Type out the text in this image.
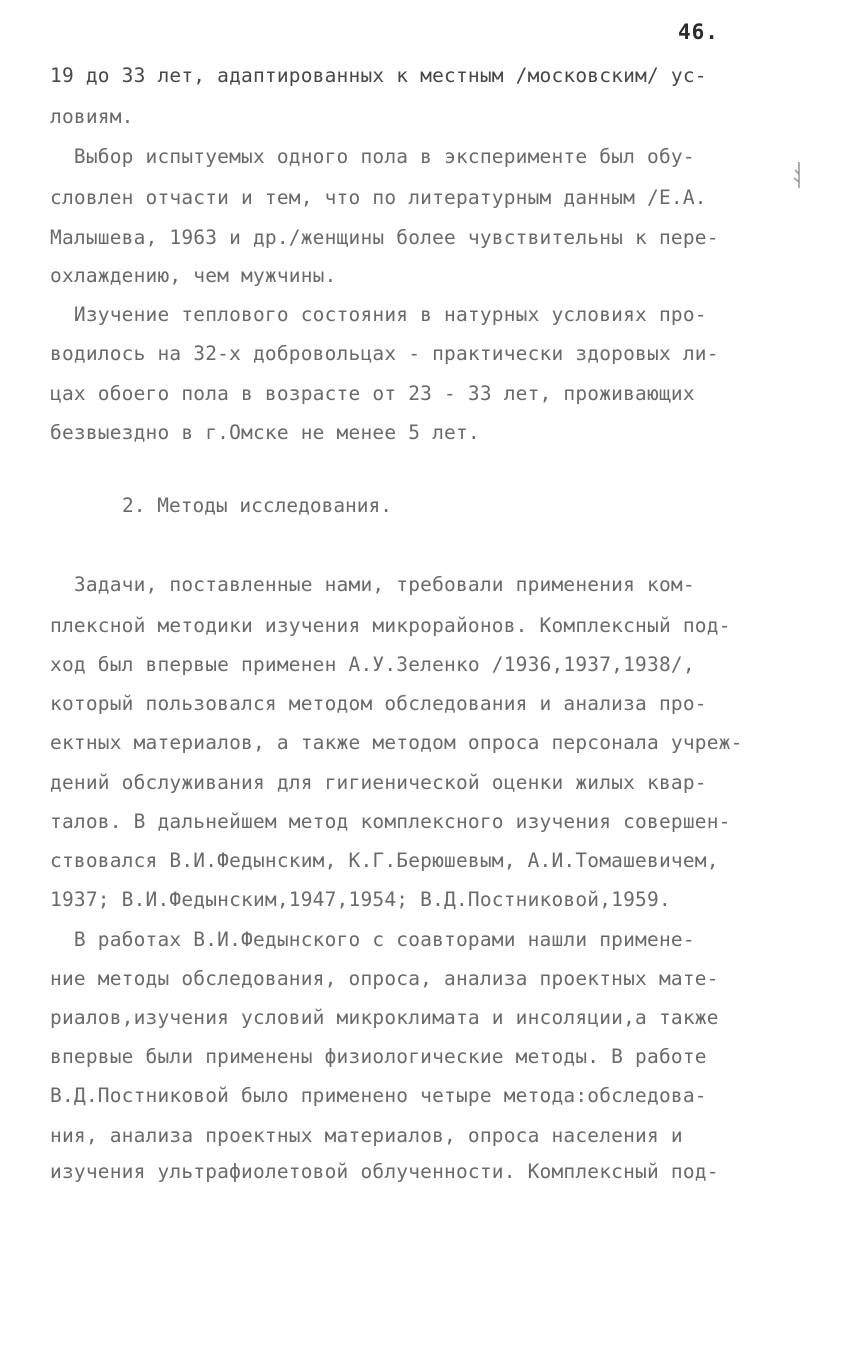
46.
19 до 33 лет, адаптированных к местным /московским/ ус-
ловиям.
Выбор испытуемых одного пола в эксперименте был обу-
словлен отчасти и тем, что по литературным данным /Е.А.
Малышева, 1963 и др./женщины более чувствительны к пере-
охлаждению, чем мужчины.
Изучение теплового состояния в натурных условиях про-
водилось на 32-х добровольцах - практически здоровых ли-
цах обоего пола в возрасте от 23 - 33 лет, проживающих
безвыездно в г.Омске не менее 5 лет.
2. Методы исследования.
Задачи, поставленные нами, требовали применения ком-
плексной методики изучения микрорайонов. Комплексный под-
ход был впервые применен А.У.Зеленко /1936,1937,1938/,
который пользовался методом обследования и анализа про-
ектных материалов, а также методом опроса персонала учреж-
дений обслуживания для гигиенической оценки жилых квар-
талов. В дальнейшем метод комплексного изучения совершен-
ствовался В.И.Федынским, К.Г.Берюшевым, А.И.Томашевичем,
1937; В.И.Федынским,1947,1954; В.Д.Постниковой,1959.
В работах В.И.Федынского с соавторами нашли примене-
ние методы обследования, опроса, анализа проектных мате-
риалов,изучения условий микроклимата и инсоляции,а также
впервые были применены физиологические методы. В работе
В.Д.Постниковой было применено четыре метода:обследова-
ния, анализа проектных материалов, опроса населения и
изучения ультрафиолетовой облученности. Комплексный под-
